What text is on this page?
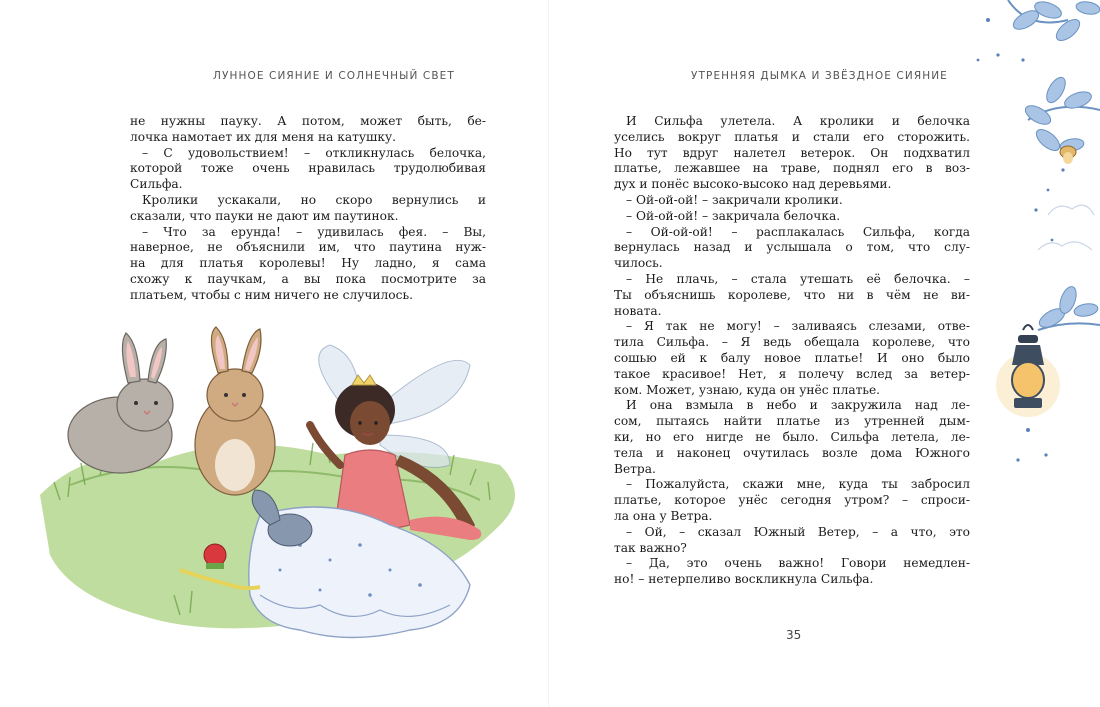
ЛУННОЕ СИЯНИЕ И СОЛНЕЧНЫЙ СВЕТ
не нужны пауку. А потом, может быть, бе-
лочка намотает их для меня на катушку.
– С удовольствием! – откликнулась белочка,
которой тоже очень нравилась трудолюбивая
Сильфа.
Кролики ускакали, но скоро вернулись и
сказали, что пауки не дают им паутинок.
– Что за ерунда! – удивилась фея. – Вы,
наверное, не объяснили им, что паутина нуж-
на для платья королевы! Ну ладно, я сама
схожу к паучкам, а вы пока посмотрите за
платьем, чтобы с ним ничего не случилось.
УТРЕННЯЯ ДЫМКА И ЗВЁЗДНОЕ СИЯНИЕ
И Сильфа улетела. А кролики и белочка
уселись вокруг платья и стали его сторожить.
Но тут вдруг налетел ветерок. Он подхватил
платье, лежавшее на траве, поднял его в воз-
дух и понёс высоко-высоко над деревьями.
– Ой-ой-ой! – закричали кролики.
– Ой-ой-ой! – закричала белочка.
– Ой-ой-ой! – расплакалась Сильфа, когда
вернулась назад и услышала о том, что слу-
чилось.
– Не плачь, – стала утешать её белочка. –
Ты объяснишь королеве, что ни в чём не ви-
новата.
– Я так не могу! – заливаясь слезами, отве-
тила Сильфа. – Я ведь обещала королеве, что
сошью ей к балу новое платье! И оно было
такое красивое! Нет, я полечу вслед за ветер-
ком. Может, узнаю, куда он унёс платье.
И она взмыла в небо и закружила над ле-
сом, пытаясь найти платье из утренней дым-
ки, но его нигде не было. Сильфа летела, ле-
тела и наконец очутилась возле дома Южного
Ветра.
– Пожалуйста, скажи мне, куда ты забросил
платье, которое унёс сегодня утром? – спроси-
ла она у Ветра.
– Ой, – сказал Южный Ветер, – а что, это
так важно?
– Да, это очень важно! Говори немедлен-
но! – нетерпеливо воскликнула Сильфа.
35
